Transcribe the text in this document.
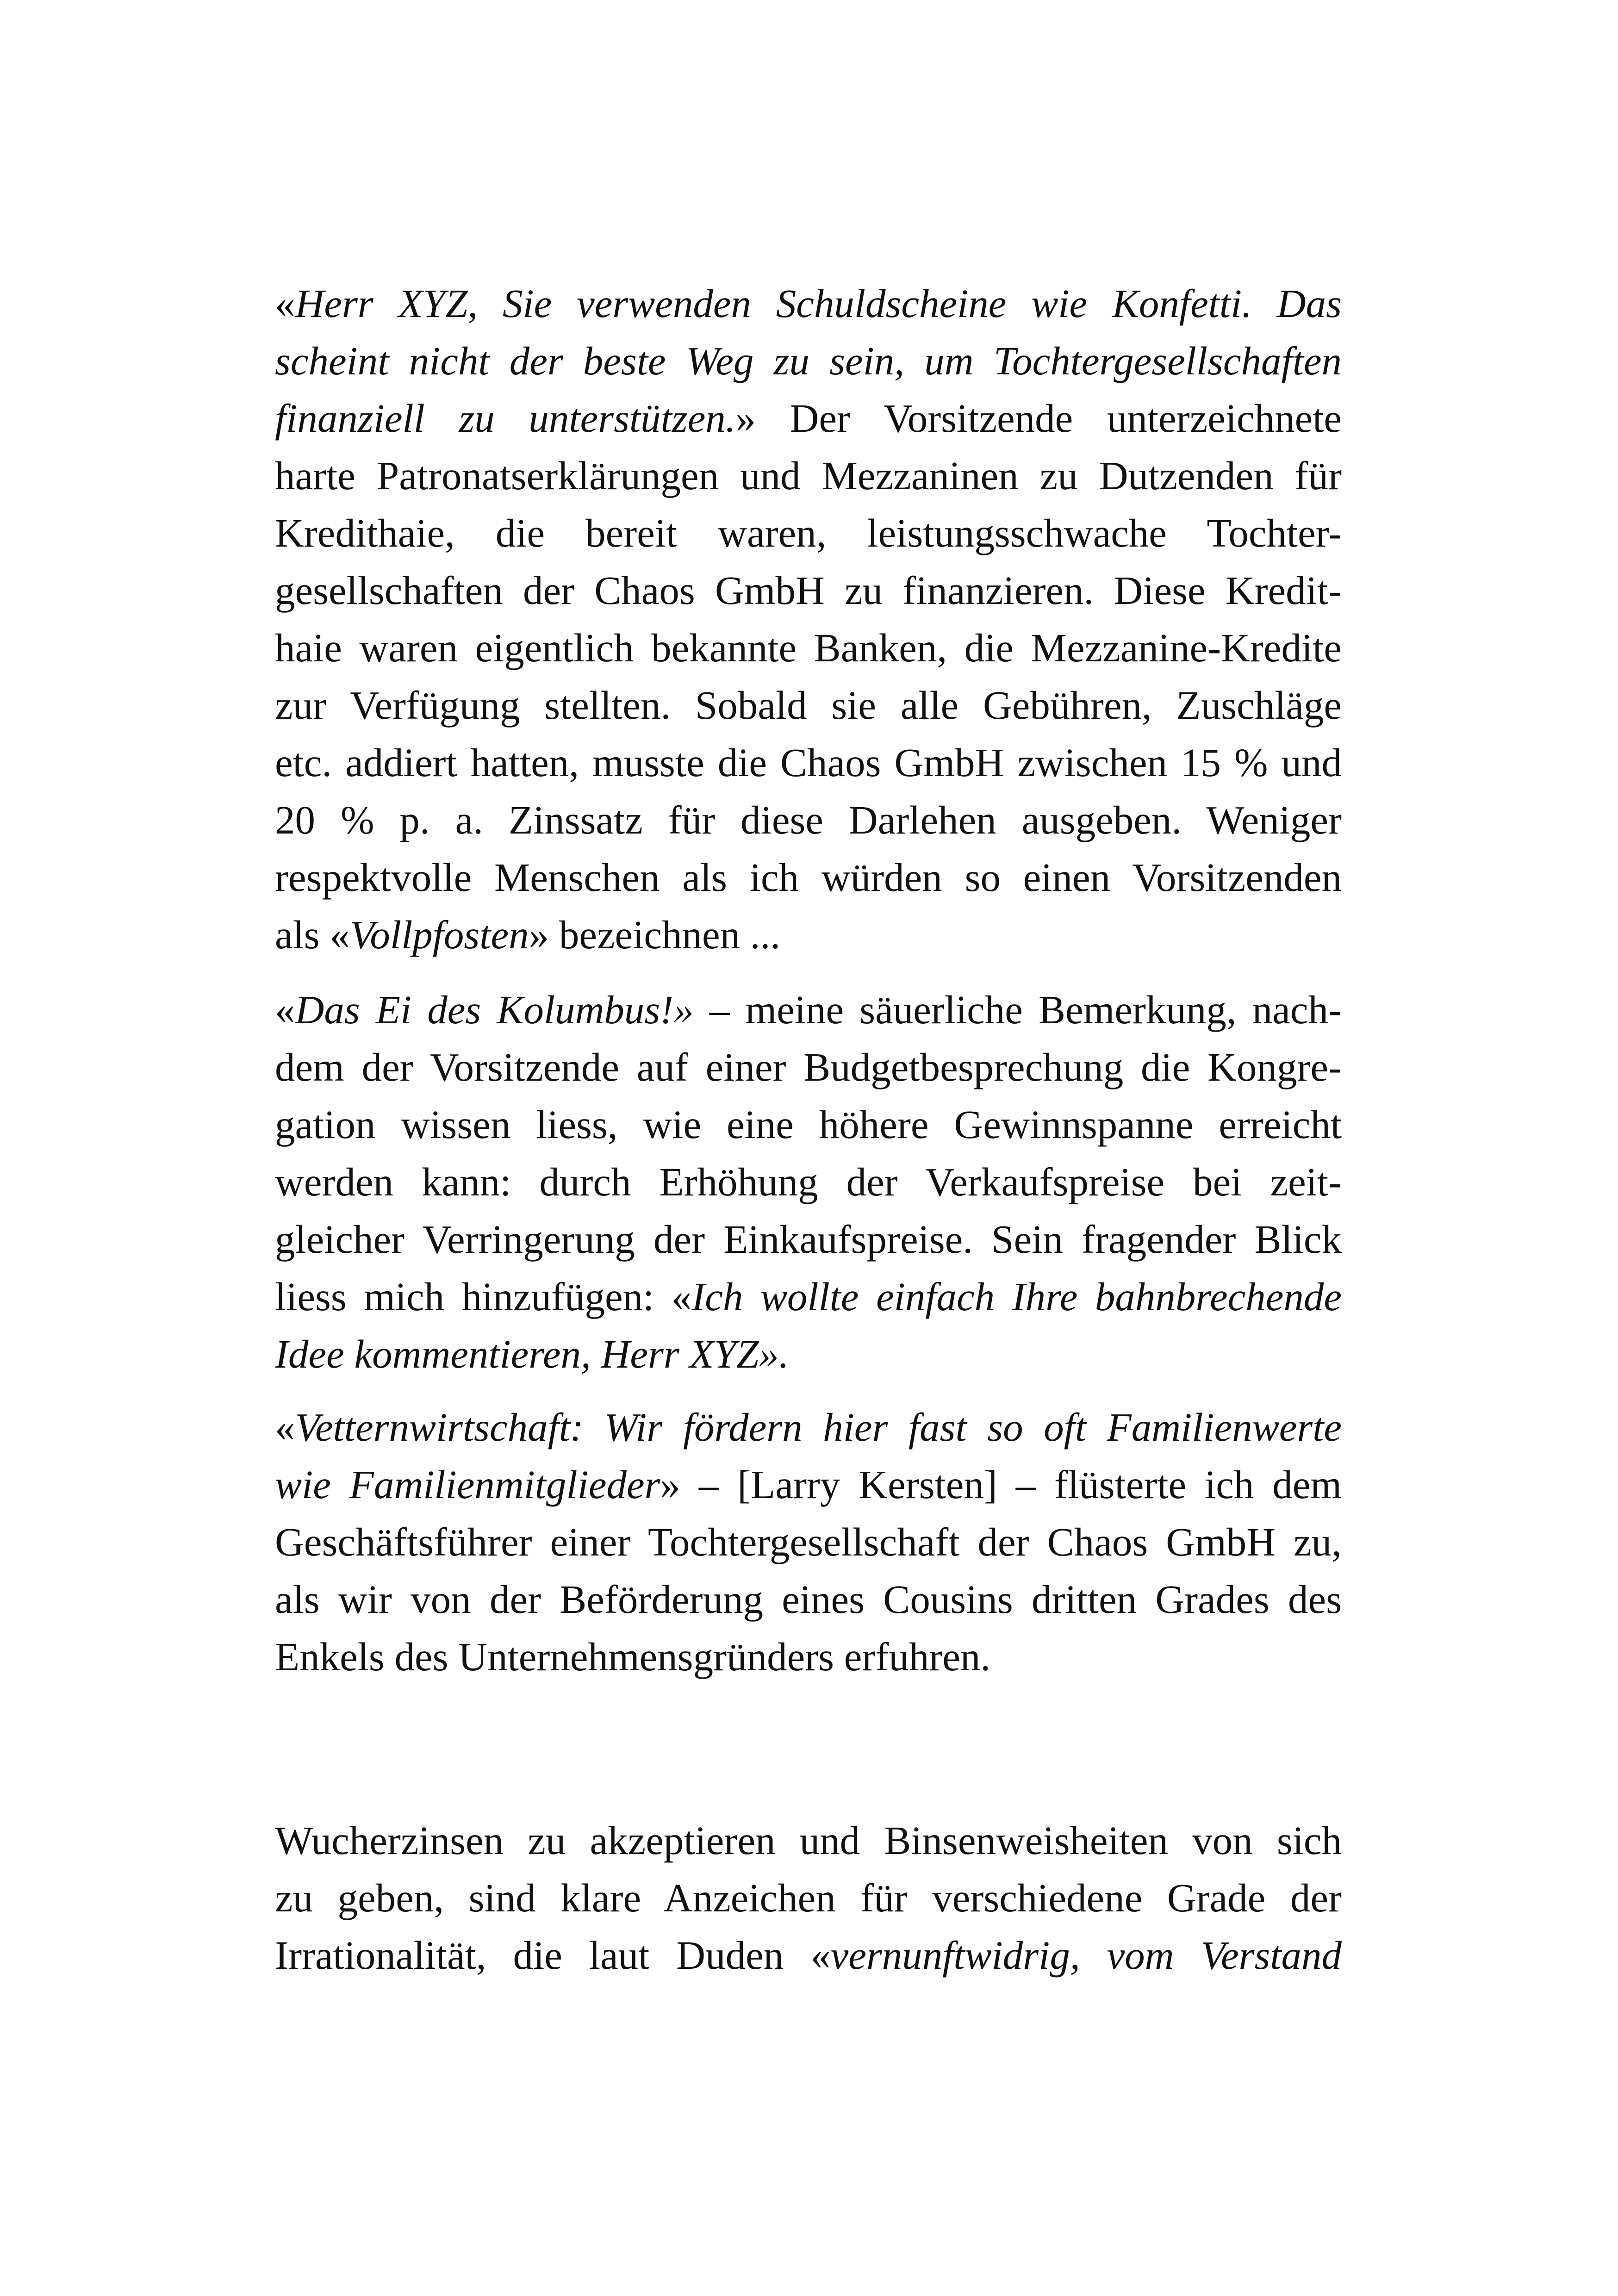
«Herr XYZ, Sie verwenden Schuldscheine wie Konfetti. Das
scheint nicht der beste Weg zu sein, um Tochtergesellschaften
finanziell zu unterstützen.» Der Vorsitzende unterzeichnete
harte Patronatserklärungen und Mezzaninen zu Dutzenden für
Kredithaie, die bereit waren, leistungsschwache Tochter-
gesellschaften der Chaos GmbH zu finanzieren. Diese Kredit-
haie waren eigentlich bekannte Banken, die Mezzanine-Kredite
zur Verfügung stellten. Sobald sie alle Gebühren, Zuschläge
etc. addiert hatten, musste die Chaos GmbH zwischen 15 % und
20 % p. a. Zinssatz für diese Darlehen ausgeben. Weniger
respektvolle Menschen als ich würden so einen Vorsitzenden
als «Vollpfosten» bezeichnen ...
«Das Ei des Kolumbus!» – meine säuerliche Bemerkung, nach-
dem der Vorsitzende auf einer Budgetbesprechung die Kongre-
gation wissen liess, wie eine höhere Gewinnspanne erreicht
werden kann: durch Erhöhung der Verkaufspreise bei zeit-
gleicher Verringerung der Einkaufspreise. Sein fragender Blick
liess mich hinzufügen: «Ich wollte einfach Ihre bahnbrechende
Idee kommentieren, Herr XYZ».
«Vetternwirtschaft: Wir fördern hier fast so oft Familienwerte
wie Familienmitglieder» – [Larry Kersten] – flüsterte ich dem
Geschäftsführer einer Tochtergesellschaft der Chaos GmbH zu,
als wir von der Beförderung eines Cousins dritten Grades des
Enkels des Unternehmensgründers erfuhren.
Wucherzinsen zu akzeptieren und Binsenweisheiten von sich
zu geben, sind klare Anzeichen für verschiedene Grade der
Irrationalität, die laut Duden «vernunftwidrig, vom Verstand
